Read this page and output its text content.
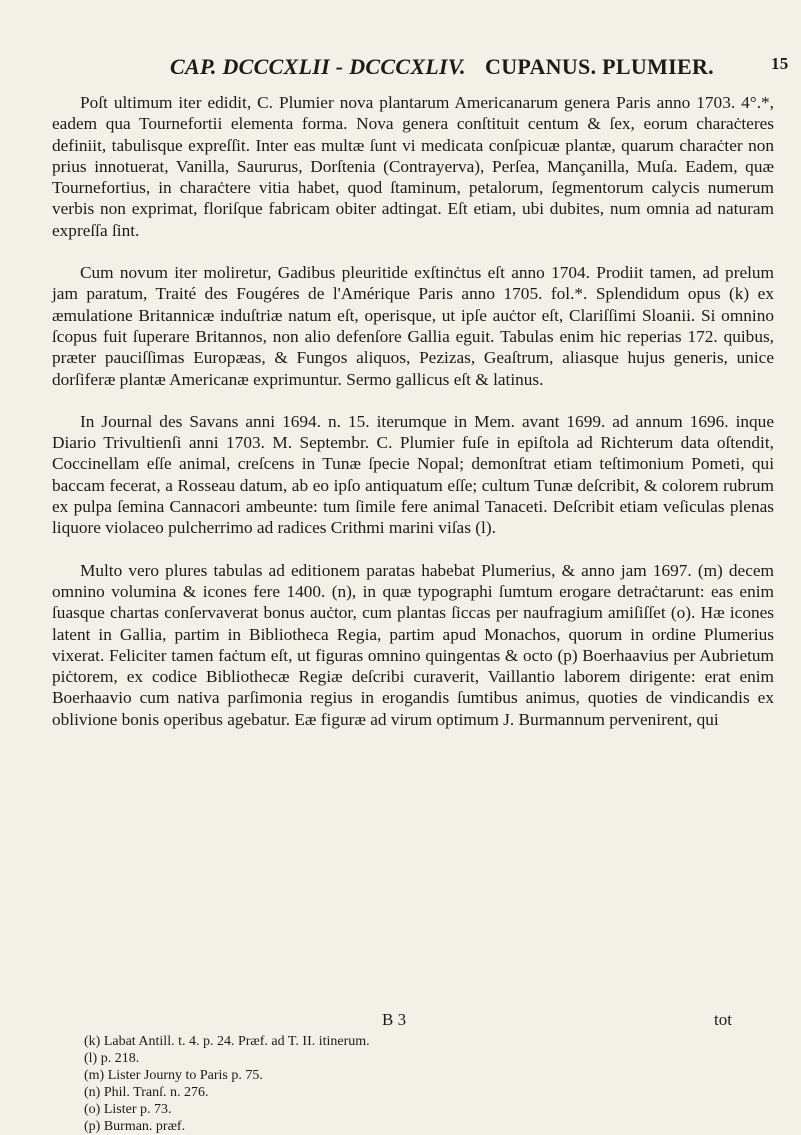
CAP. DCCCXLII - DCCCXLIV. CUPANUS. PLUMIER.	15

Poſt ultimum iter edidit, C. Plumier nova plantarum Americanarum genera Paris anno 1703. 4°.*, eadem qua Tournefortii elementa forma. Nova genera conſtituit centum & ſex, eorum charaċteres definiit, tabulisque expreſſit. Inter eas multæ ſunt vi medicata conſpicuæ plantæ, quarum charaċter non prius innotuerat, Vanilla, Saururus, Dorſtenia (Contrayerva), Perſea, Mançanilla, Muſa. Eadem, quæ Tournefortius, in charaċtere vitia habet, quod ſtaminum, petalorum, ſegmentorum calycis numerum verbis non exprimat, floriſque fabricam obiter adtingat. Eſt etiam, ubi dubites, num omnia ad naturam expreſſa ſint.

Cum novum iter moliretur, Gadibus pleuritide exſtinċtus eſt anno 1704. Prodiit tamen, ad prelum jam paratum, Traité des Fougéres de l'Amérique Paris anno 1705. fol.*. Splendidum opus (k) ex æmulatione Britannicæ induſtriæ natum eſt, operisque, ut ipſe auċtor eſt, Clariſſimi Sloanii. Si omnino ſcopus fuit ſuperare Britannos, non alio defenſore Gallia eguit. Tabulas enim hic reperias 172. quibus, præter pauciſſimas Europæas, & Fungos aliquos, Pezizas, Geaſtrum, aliasque hujus generis, unice dorſiferæ plantæ Americanæ exprimuntur. Sermo gallicus eſt & latinus.

In Journal des Savans anni 1694. n. 15. iterumque in Mem. avant 1699. ad annum 1696. inque Diario Trivultienſi anni 1703. M. Septembr. C. Plumier fuſe in epiſtola ad Richterum data oſtendit, Coccinellam eſſe animal, creſcens in Tunæ ſpecie Nopal; demonſtrat etiam teſtimonium Pometi, qui baccam fecerat, a Rosseau datum, ab eo ipſo antiquatum eſſe; cultum Tunæ deſcribit, & colorem rubrum ex pulpa ſemina Cannacori ambeunte: tum ſimile fere animal Tanaceti. Deſcribit etiam veſiculas plenas liquore violaceo pulcherrimo ad radices Crithmi marini viſas (l).

Multo vero plures tabulas ad editionem paratas habebat Plumerius, & anno jam 1697. (m) decem omnino volumina & icones fere 1400. (n), in quæ typographi ſumtum erogare detraċtarunt: eas enim ſuasque chartas conſervaverat bonus auċtor, cum plantas ſiccas per naufragium amiſiſſet (o). Hæ icones latent in Gallia, partim in Bibliotheca Regia, partim apud Monachos, quorum in ordine Plumerius vixerat. Feliciter tamen faċtum eſt, ut figuras omnino quingentas & octo (p) Boerhaavius per Aubrietum piċtorem, ex codice Bibliothecæ Regiæ deſcribi curaverit, Vaillantio laborem dirigente: erat enim Boerhaavio cum nativa parſimonia regius in erogandis ſumtibus animus, quoties de vindicandis ex oblivione bonis operibus agebatur. Eæ figuræ ad virum optimum J. Burmannum pervenirent, qui

B 3	tot
(k) Labat Antill. t. 4. p. 24. Præf. ad T. II. itinerum.
(l) p. 218.
(m) Lister Journy to Paris p. 75.
(n) Phil. Tranſ. n. 276.
(o) Lister p. 73.
(p) Burman. præf.
